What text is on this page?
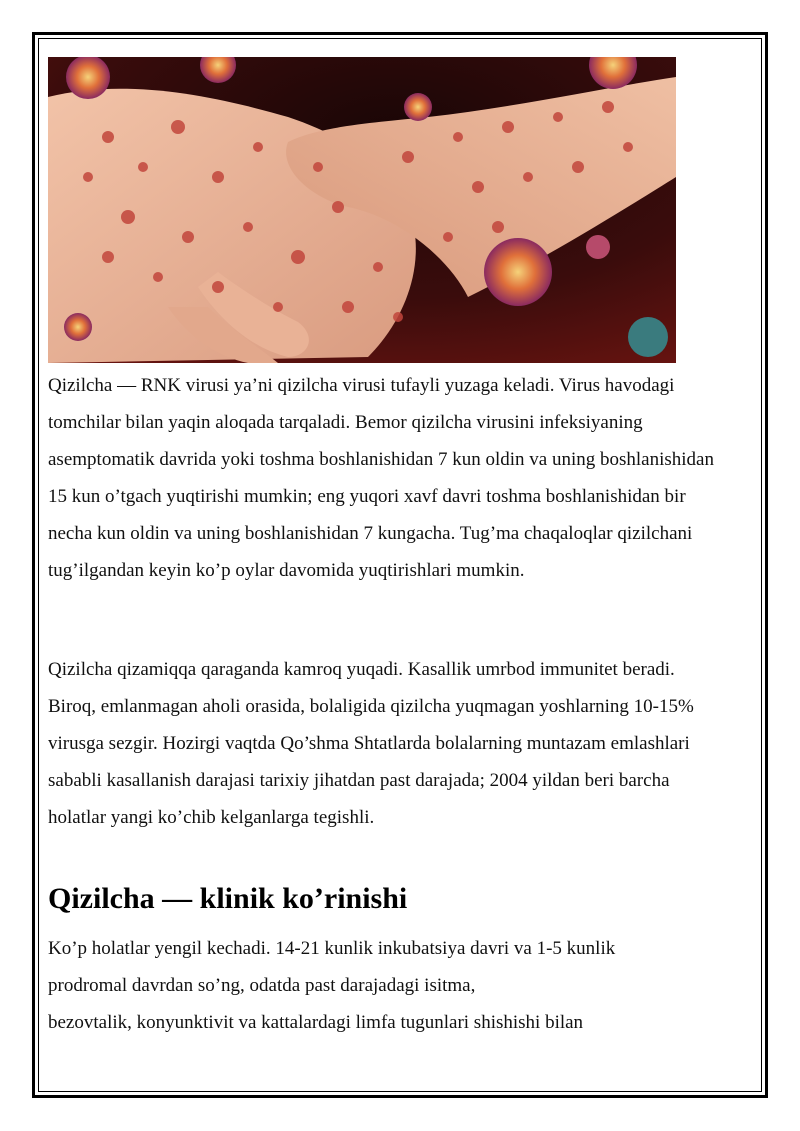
Qizilcha — RNK virusi ya’ni qizilcha virusi tufayli yuzaga keladi. Virus havodagi tomchilar bilan yaqin aloqada tarqaladi. Bemor qizilcha virusini infeksiyaning asemptomatik davrida yoki toshma boshlanishidan 7 kun oldin va uning boshlanishidan 15 kun o’tgach yuqtirishi mumkin; eng yuqori xavf davri toshma boshlanishidan bir necha kun oldin va uning boshlanishidan 7 kungacha. Tug’ma chaqaloqlar qizilchani tug’ilgandan keyin ko’p oylar davomida yuqtirishlari mumkin.

Qizilcha qizamiqqa qaraganda kamroq yuqadi. Kasallik umrbod immunitet beradi. Biroq, emlanmagan aholi orasida, bolaligida qizilcha yuqmagan yoshlarning 10-15% virusga sezgir. Hozirgi vaqtda Qo’shma Shtatlarda bolalarning muntazam emlashlari sababli kasallanish darajasi tarixiy jihatdan past darajada; 2004 yildan beri barcha holatlar yangi ko’chib kelganlarga tegishli.

Qizilcha — klinik ko’rinishi

Ko’p holatlar yengil kechadi. 14-21 kunlik inkubatsiya davri va 1-5 kunlik
prodromal davrdan so’ng, odatda past darajadagi isitma,
bezovtalik, konyunktivit va kattalardagi limfa tugunlari shishishi bilan
